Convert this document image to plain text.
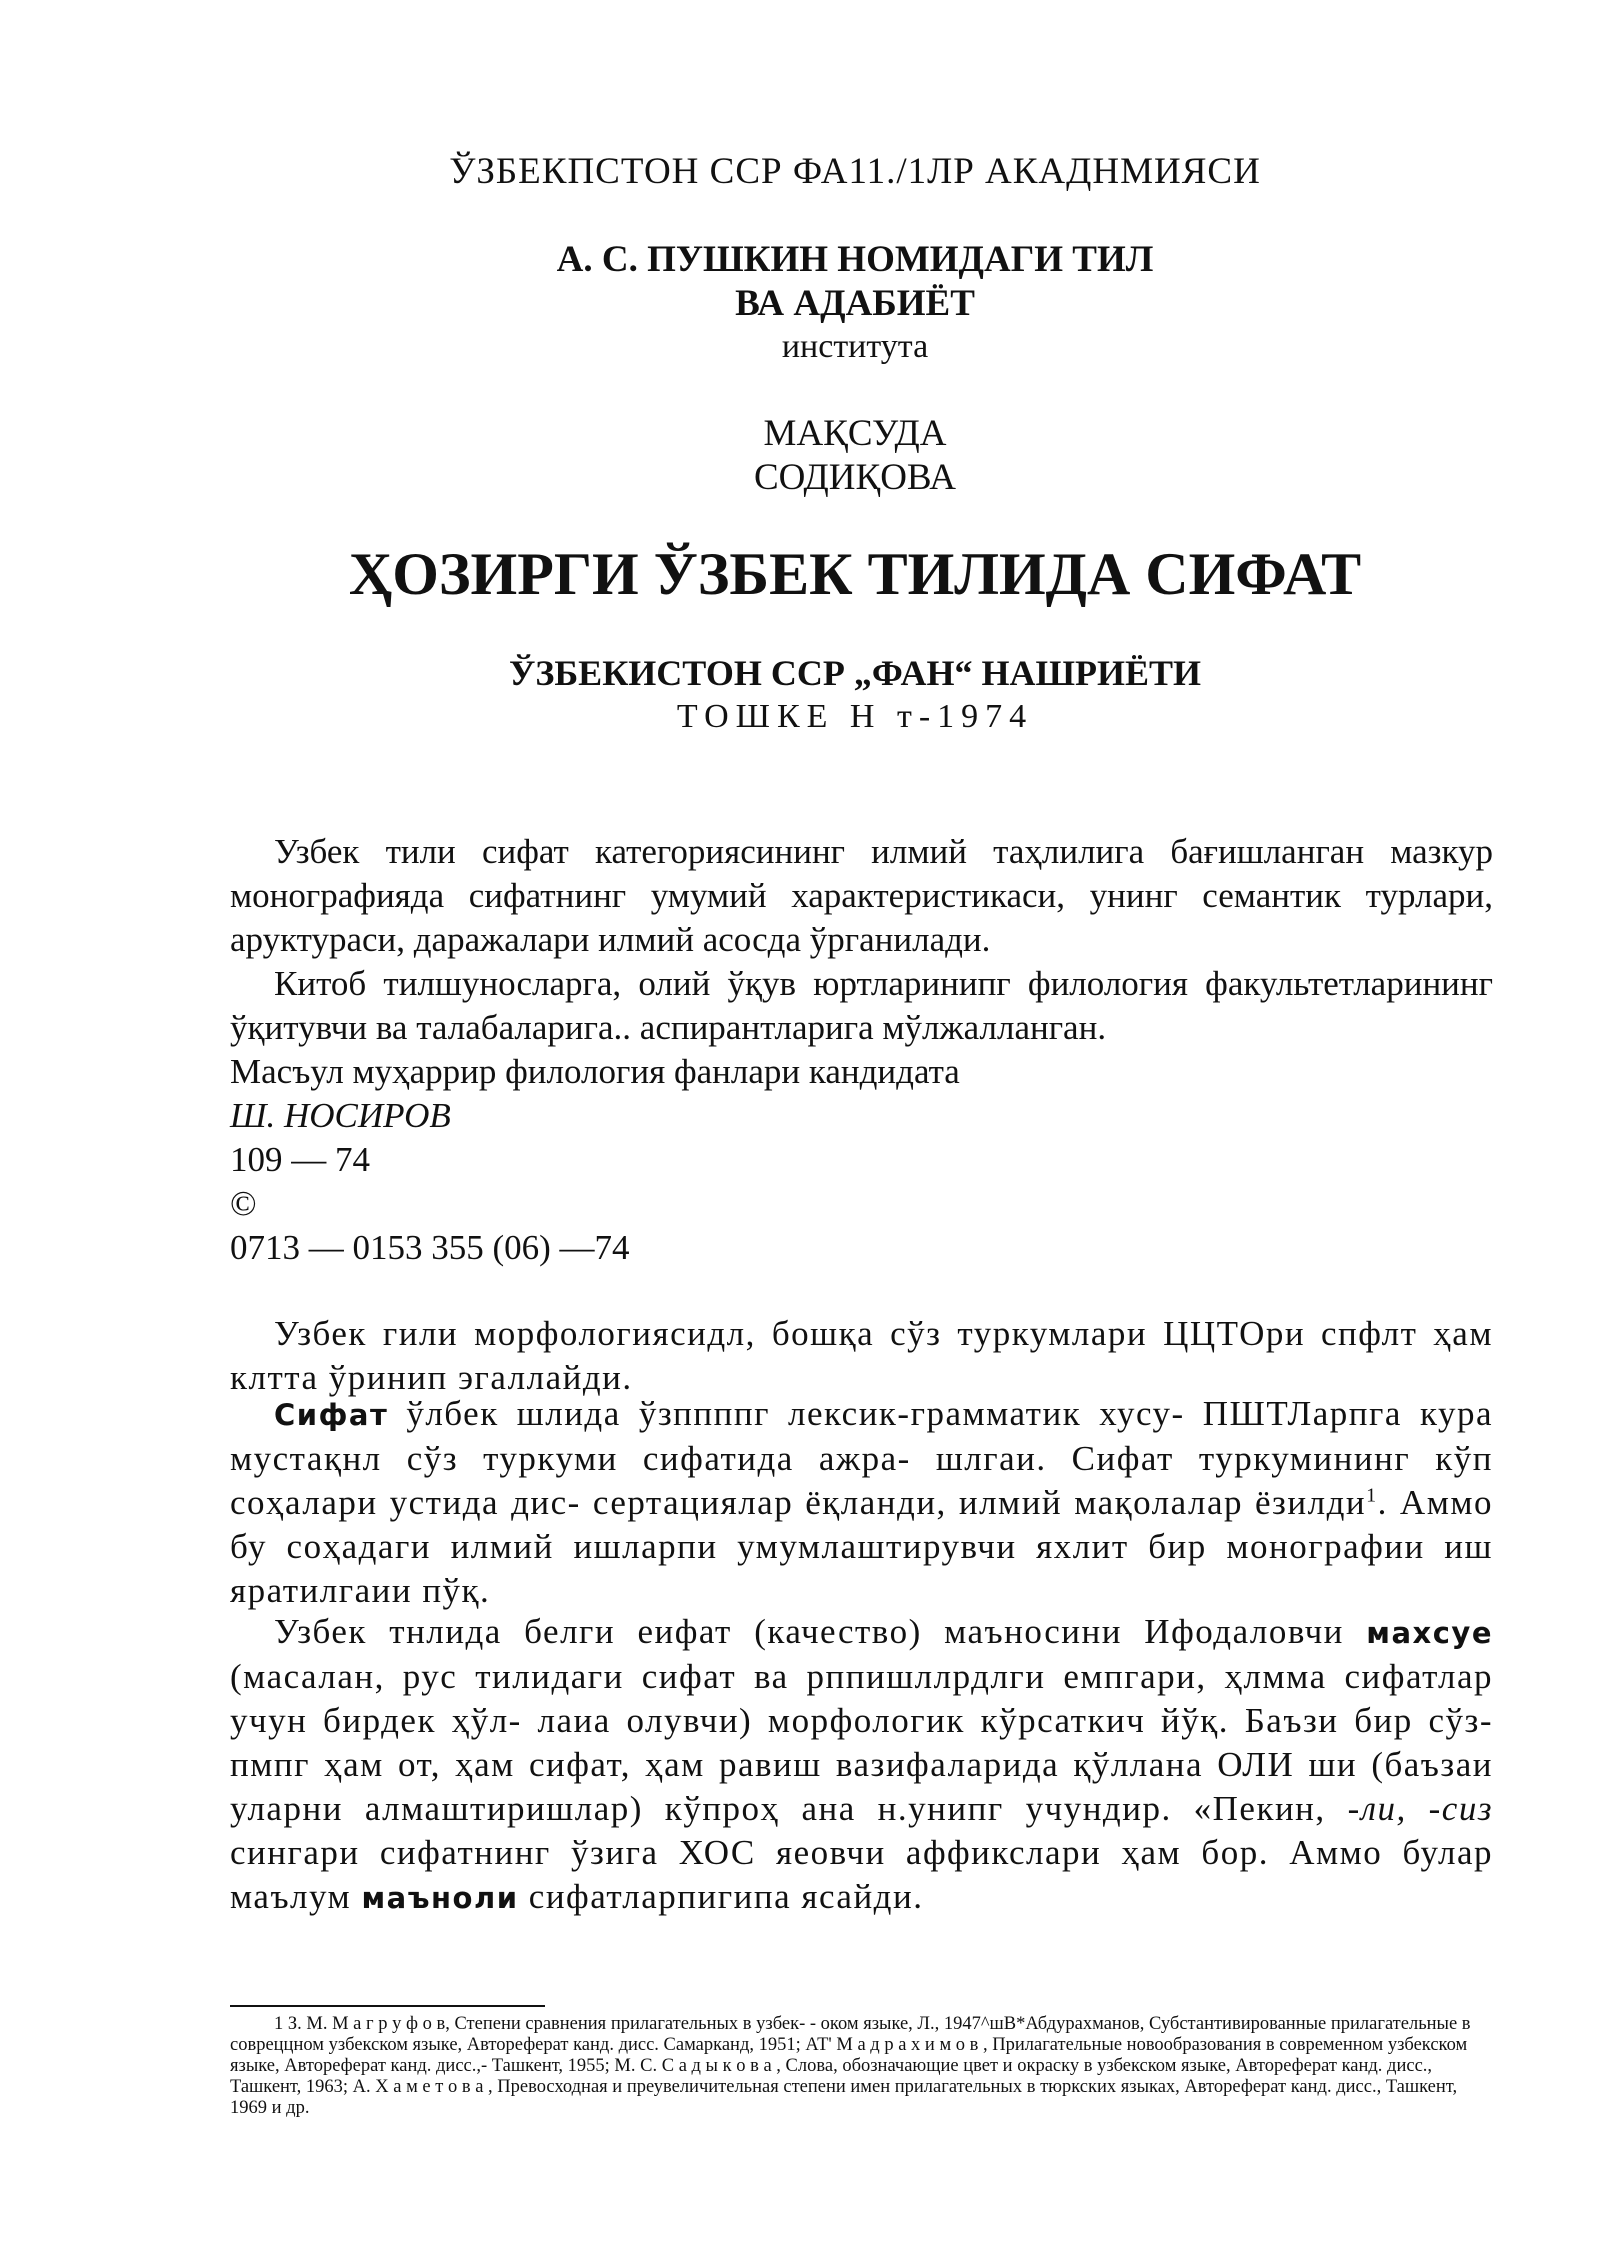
ЎЗБЕКПСТОН ССР ФА11./1ЛР АКАДНМИЯСИ
А. С. ПУШКИН НОМИДАГИ ТИЛ
ВА АДАБИЁТ
института
МАҚСУДА
СОДИҚОВА
ҲОЗИРГИ ЎЗБЕК ТИЛИДА СИФАТ
ЎЗБЕКИСТОН ССР „ФАН“ НАШРИЁТИ
ТОШКЕ Н т-1974

Узбек тили сифат категориясининг илмий таҳлилига бағишланган мазкур монографияда сифатнинг умумий характеристикаси, унинг семантик турлари, аруктураси, даражалари илмий асосда ўрганилади.

Китоб тилшуносларга, олий ўқув юртларинипг филология факультетларининг ўқитувчи ва талабаларига.. аспирантларига мўлжалланган.

Масъул муҳаррир филология фанлари кандидата

Ш. НОСИРОВ

109 — 74

©

0713 — 0153 355 (06) —74

Узбек гили морфологиясидл, бошқа сўз туркумлари ЦЦТОри спфлт ҳам клтта ўринип эгаллайди.

Сифат ўлбек шлида ўзппппг лексик-грамматик хусу- ПШТЛарпга кура мустақнл сўз туркуми сифатида ажра- шлгаи. Сифат туркумининг кўп соҳалари устида дис- сертациялар ёқланди, илмий мақолалар ёзилди$^1$. Аммо бу соҳадаги илмий ишларпи умумлаштирувчи яхлит бир монографии иш яратилгаии пўқ.

Узбек тнлида белги еифат (качество) маъносини Ифодаловчи махсуе (масалан, рус тилидаги сифат ва рппишллрдлги емпгари, ҳлмма сифатлар учун бирдек ҳўл- лаиа олувчи) морфологик кўрсаткич йўқ. Баъзи бир сўз- пмпг ҳам от, ҳам сифат, ҳам равиш вазифаларида қўллана ОЛИ ши (баъзаи уларни алмаштиришлар) кўпроҳ ана н.унипг учундир. «Пекин, -ли, -сиз сингари сифатнинг ўзига ХОС яеовчи аффикслари ҳам бор. Аммо булар маълум маъноли сифатларпигипа ясайди.

1 З. М. М а г р у ф о в, Степени сравнения прилагательных в узбек- - оком языке, Л., 1947^шВ*Абдурахманов, Субстантивированные прилагательные в совреццном узбекском языке, Автореферат канд. дисс. Самарканд, 1951; АТ' М а д р а х и м о в , Прилагательные новообразования в современном узбекском языке, Автореферат канд. дисс.,- Ташкент, 1955; М. С. С а д ы к о в а , Слова, обозначающие цвет и окраску в узбекском языке, Автореферат канд. дисс., Ташкент, 1963; А. Х а м е т о в а , Превосходная и преувеличительная степени имен прилагательных в тюркских языках, Автореферат канд. дисс., Ташкент, 1969 и др.
